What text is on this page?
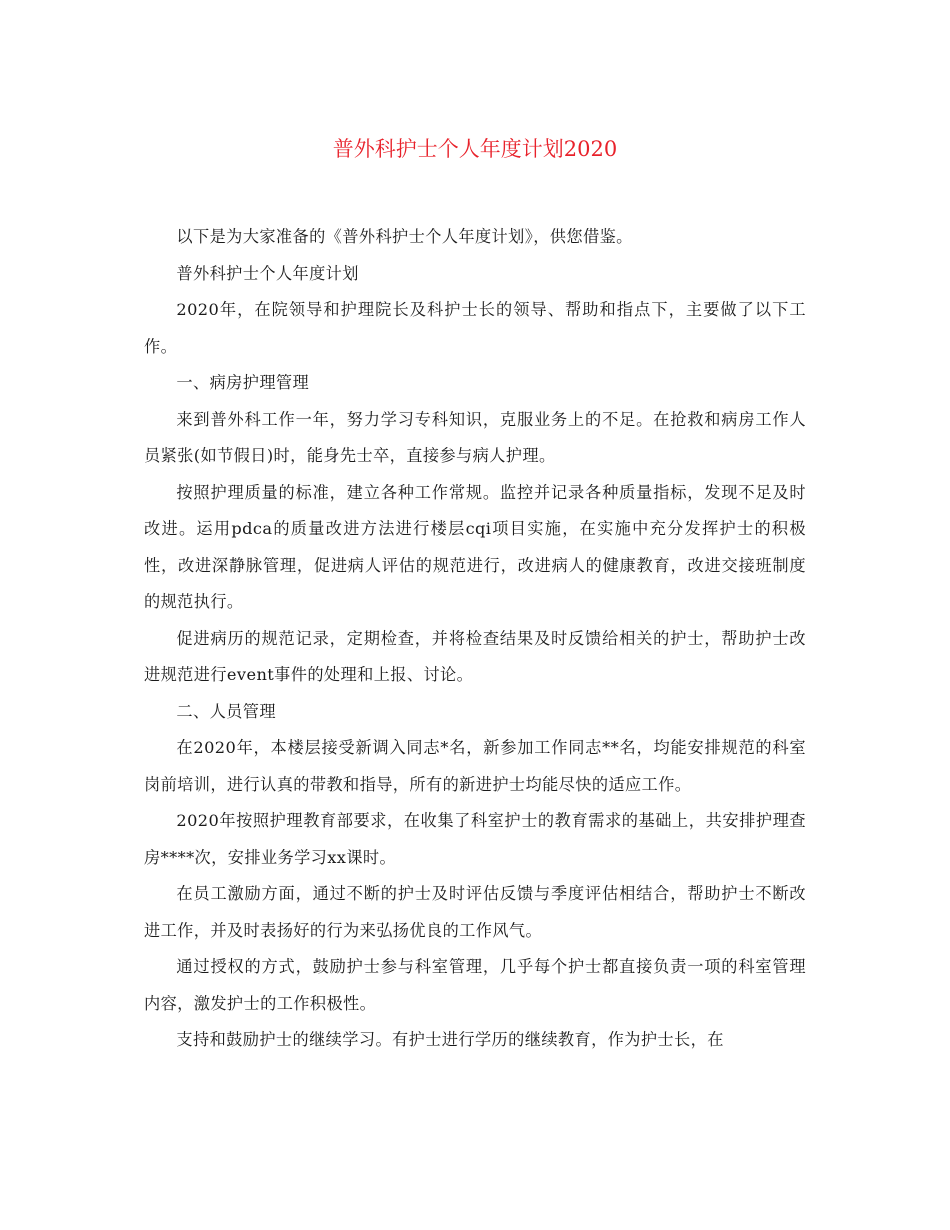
普外科护士个人年度计划2020

以下是为大家准备的《普外科护士个人年度计划》，供您借鉴。

普外科护士个人年度计划

2020年，在院领导和护理院长及科护士长的领导、帮助和指点下，主要做了以下工作。

一、病房护理管理

来到普外科工作一年，努力学习专科知识，克服业务上的不足。在抢救和病房工作人员紧张(如节假日)时，能身先士卒，直接参与病人护理。

按照护理质量的标准，建立各种工作常规。监控并记录各种质量指标，发现不足及时改进。运用pdca的质量改进方法进行楼层cqi项目实施，在实施中充分发挥护士的积极性，改进深静脉管理，促进病人评估的规范进行，改进病人的健康教育，改进交接班制度的规范执行。

促进病历的规范记录，定期检查，并将检查结果及时反馈给相关的护士，帮助护士改进规范进行event事件的处理和上报、讨论。

二、人员管理

在2020年，本楼层接受新调入同志*名，新参加工作同志**名，均能安排规范的科室岗前培训，进行认真的带教和指导，所有的新进护士均能尽快的适应工作。

2020年按照护理教育部要求，在收集了科室护士的教育需求的基础上，共安排护理查房****次，安排业务学习xx课时。

在员工激励方面，通过不断的护士及时评估反馈与季度评估相结合，帮助护士不断改进工作，并及时表扬好的行为来弘扬优良的工作风气。

通过授权的方式，鼓励护士参与科室管理，几乎每个护士都直接负责一项的科室管理内容，激发护士的工作积极性。

支持和鼓励护士的继续学习。有护士进行学历的继续教育，作为护士长，在
